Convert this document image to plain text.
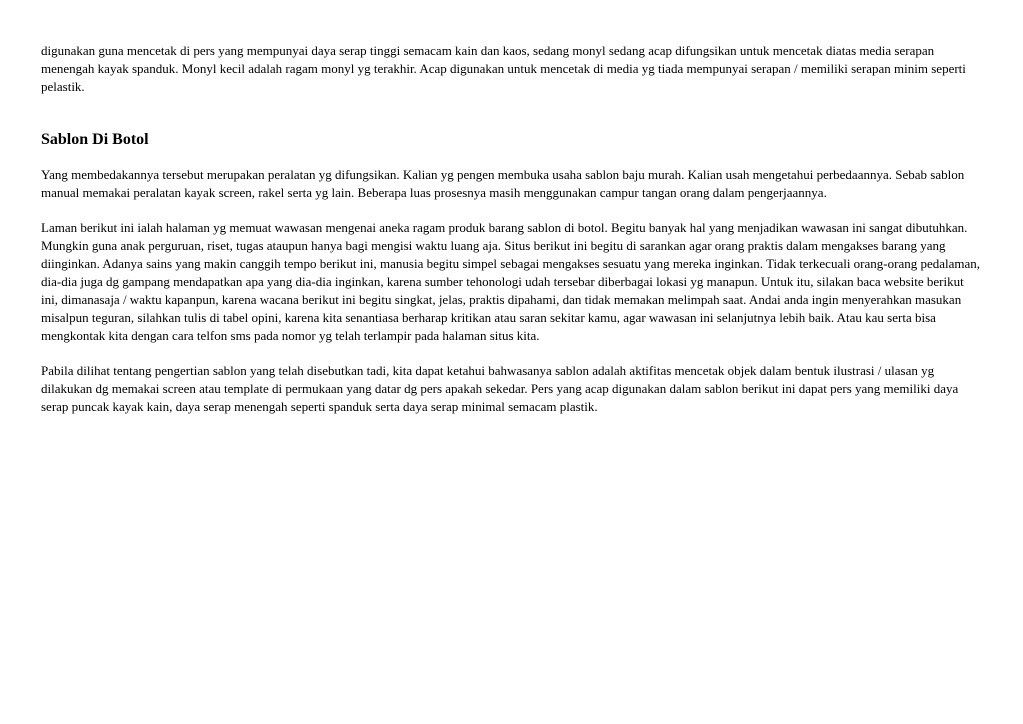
digunakan guna mencetak di pers yang mempunyai daya serap tinggi semacam kain dan kaos, sedang monyl sedang acap difungsikan untuk mencetak diatas media serapan menengah kayak spanduk. Monyl kecil adalah ragam monyl yg terakhir. Acap digunakan untuk mencetak di media yg tiada mempunyai serapan / memiliki serapan minim seperti pelastik.

Sablon Di Botol

Yang membedakannya tersebut merupakan peralatan yg difungsikan. Kalian yg pengen membuka usaha sablon baju murah. Kalian usah mengetahui perbedaannya. Sebab sablon manual memakai peralatan kayak screen, rakel serta yg lain. Beberapa luas prosesnya masih menggunakan campur tangan orang dalam pengerjaannya.

Laman berikut ini ialah halaman yg memuat wawasan mengenai aneka ragam produk barang sablon di botol. Begitu banyak hal yang menjadikan wawasan ini sangat dibutuhkan. Mungkin guna anak perguruan, riset, tugas ataupun hanya bagi mengisi waktu luang aja. Situs berikut ini begitu di sarankan agar orang praktis dalam mengakses barang yang diinginkan. Adanya sains yang makin canggih tempo berikut ini, manusia begitu simpel sebagai mengakses sesuatu yang mereka inginkan. Tidak terkecuali orang-orang pedalaman, dia-dia juga dg gampang mendapatkan apa yang dia-dia inginkan, karena sumber tehonologi udah tersebar diberbagai lokasi yg manapun. Untuk itu, silakan baca website berikut ini, dimanasaja / waktu kapanpun, karena wacana berikut ini begitu singkat, jelas, praktis dipahami, dan tidak memakan melimpah saat. Andai anda ingin menyerahkan masukan misalpun teguran, silahkan tulis di tabel opini, karena kita senantiasa berharap kritikan atau saran sekitar kamu, agar wawasan ini selanjutnya lebih baik. Atau kau serta bisa mengkontak kita dengan cara telfon sms pada nomor yg telah terlampir pada halaman situs kita.

Pabila dilihat tentang pengertian sablon yang telah disebutkan tadi, kita dapat ketahui bahwasanya sablon adalah aktifitas mencetak objek dalam bentuk ilustrasi / ulasan yg dilakukan dg memakai screen atau template di permukaan yang datar dg pers apakah sekedar. Pers yang acap digunakan dalam sablon berikut ini dapat pers yang memiliki daya serap puncak kayak kain, daya serap menengah seperti spanduk serta daya serap minimal semacam plastik.
